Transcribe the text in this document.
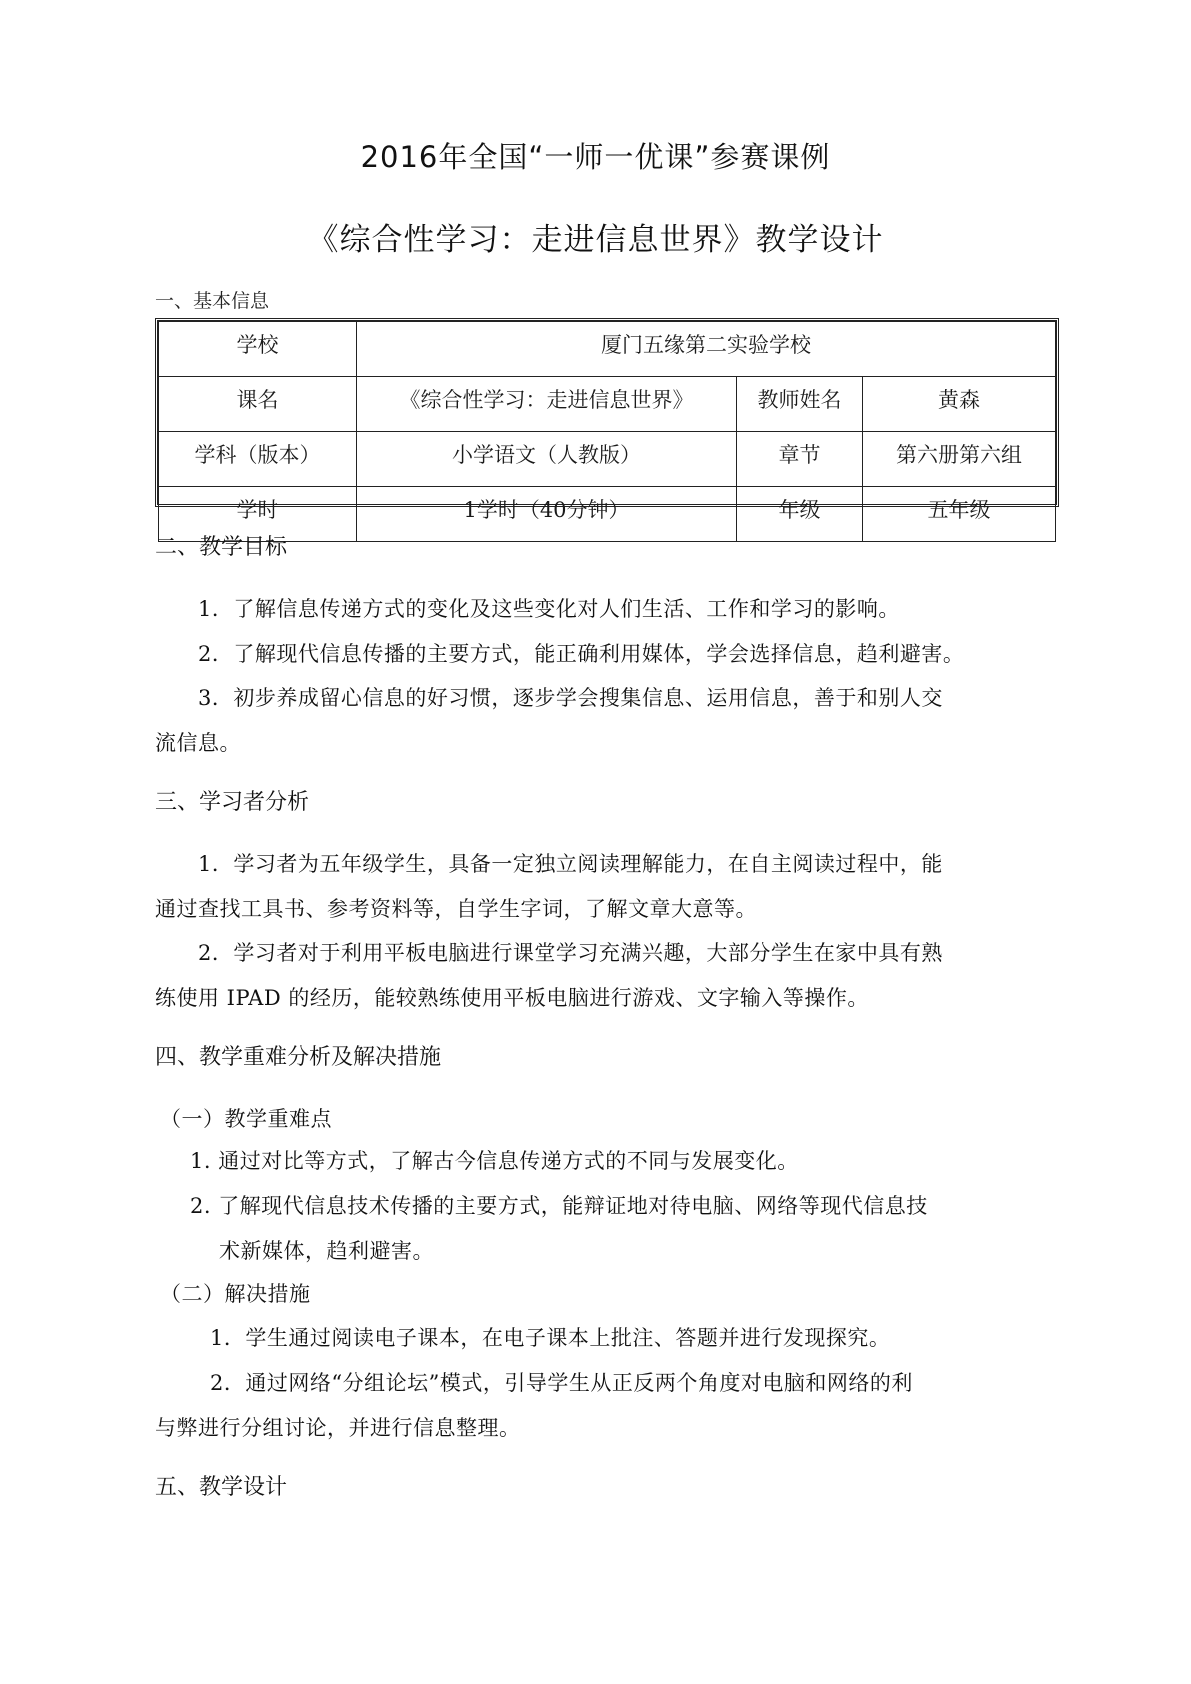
2016年全国“一师一优课”参赛课例
《综合性学习：走进信息世界》教学设计
一、基本信息
学校	厦门五缘第二实验学校		
课名	《综合性学习：走进信息世界》	教师姓名	黄森
学科（版本）	小学语文（人教版）	章节	第六册第六组
学时	1学时（40分钟）	年级	五年级
二、教学目标
1．了解信息传递方式的变化及这些变化对人们生活、工作和学习的影响。
2．了解现代信息传播的主要方式，能正确利用媒体，学会选择信息，趋利避害。
3．初步养成留心信息的好习惯，逐步学会搜集信息、运用信息，善于和别人交
流信息。
三、学习者分析
1．学习者为五年级学生，具备一定独立阅读理解能力，在自主阅读过程中，能
通过查找工具书、参考资料等，自学生字词，了解文章大意等。
2．学习者对于利用平板电脑进行课堂学习充满兴趣，大部分学生在家中具有熟
练使用 IPAD 的经历，能较熟练使用平板电脑进行游戏、文字输入等操作。
四、教学重难分析及解决措施
（一）教学重难点
1. 通过对比等方式，了解古今信息传递方式的不同与发展变化。
2. 了解现代信息技术传播的主要方式，能辩证地对待电脑、网络等现代信息技
术新媒体，趋利避害。
（二）解决措施
1．学生通过阅读电子课本，在电子课本上批注、答题并进行发现探究。
2．通过网络“分组论坛”模式，引导学生从正反两个角度对电脑和网络的利
与弊进行分组讨论，并进行信息整理。
五、教学设计
